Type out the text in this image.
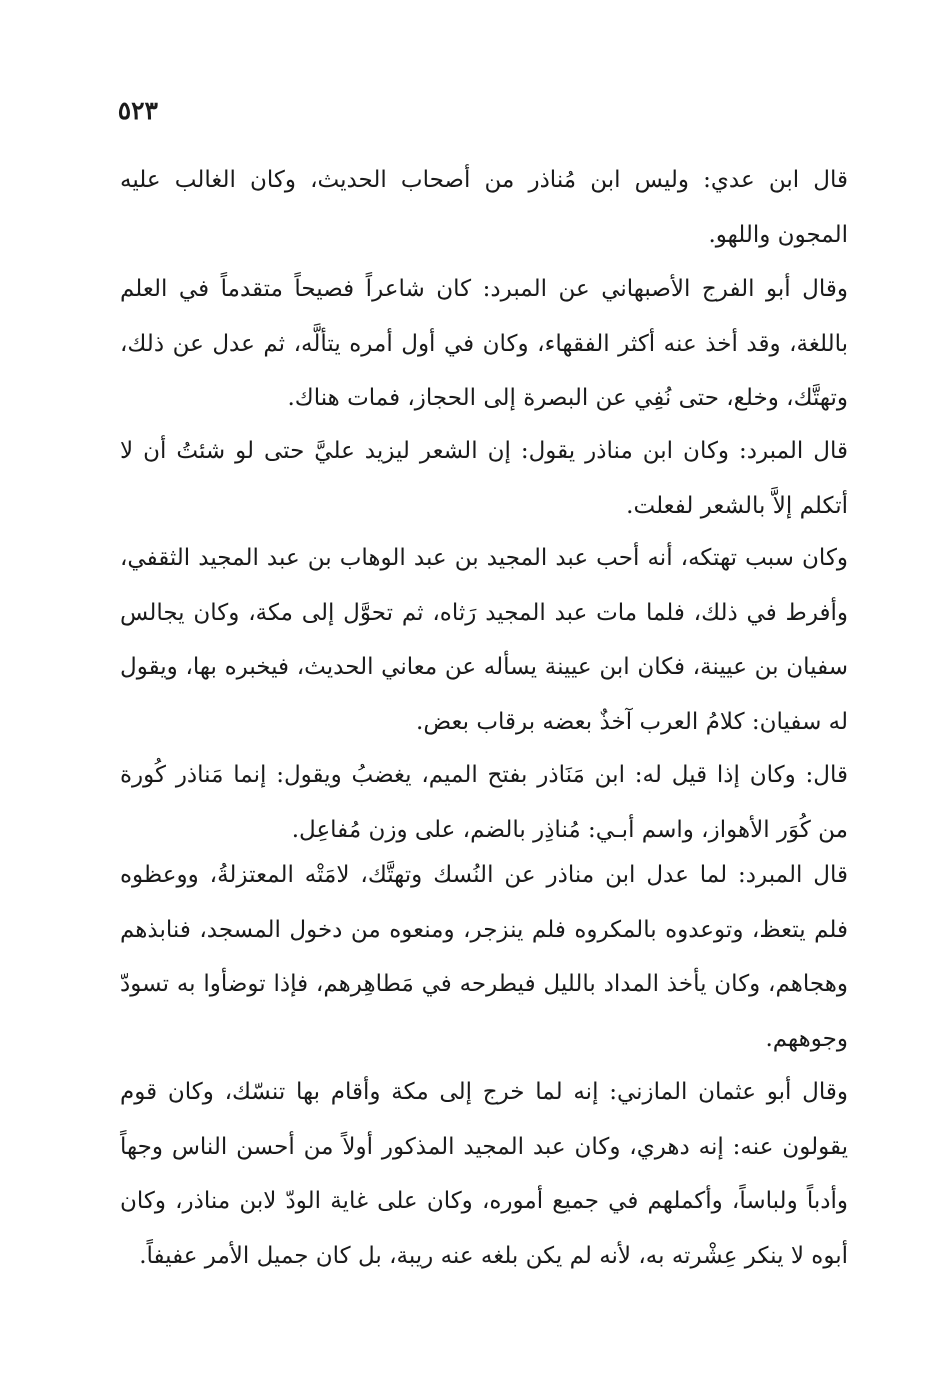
٥٢٣

قال ابن عدي: وليس ابن مُناذر من أصحاب الحديث، وكان الغالب عليه المجون واللهو.

وقال أبو الفرج الأصبهاني عن المبرد: كان شاعراً فصيحاً متقدماً في العلم باللغة، وقد أخذ عنه أكثر الفقهاء، وكان في أول أمره يتألَّه، ثم عدل عن ذلك، وتهتَّك، وخلع، حتى نُفِي عن البصرة إلى الحجاز، فمات هناك.

قال المبرد: وكان ابن مناذر يقول: إن الشعر ليزيد عليَّ حتى لو شئتُ أن لا أتكلم إلاَّ بالشعر لفعلت.

وكان سبب تهتكه، أنه أحب عبد المجيد بن عبد الوهاب بن عبد المجيد الثقفي، وأفرط في ذلك، فلما مات عبد المجيد رَثاه، ثم تحوَّل إلى مكة، وكان يجالس سفيان بن عيينة، فكان ابن عيينة يسأله عن معاني الحديث، فيخبره بها، ويقول له سفيان: كلامُ العرب آخذٌ بعضه برقاب بعض.

قال: وكان إذا قيل له: ابن مَنَاذر بفتح الميم، يغضبُ ويقول: إنما مَناذر كُورة من كُوَر الأهواز، واسم أبـي: مُناذِر بالضم، على وزن مُفاعِل.

قال المبرد: لما عدل ابن مناذر عن النُسك وتهتَّك، لامَتْه المعتزلةُ، ووعظوه فلم يتعظ، وتوعدوه بالمكروه فلم ينزجر، ومنعوه من دخول المسجد، فنابذهم وهجاهم، وكان يأخذ المداد بالليل فيطرحه في مَطاهِرهم، فإذا توضأوا به تسودّ وجوههم.

وقال أبو عثمان المازني: إنه لما خرج إلى مكة وأقام بها تنسّك، وكان قوم يقولون عنه: إنه دهري، وكان عبد المجيد المذكور أولاً من أحسن الناس وجهاً وأدباً ولباساً، وأكملهم في جميع أموره، وكان على غاية الودّ لابن مناذر، وكان أبوه لا ينكر عِشْرته به، لأنه لم يكن بلغه عنه ريبة، بل كان جميل الأمر عفيفاً.
